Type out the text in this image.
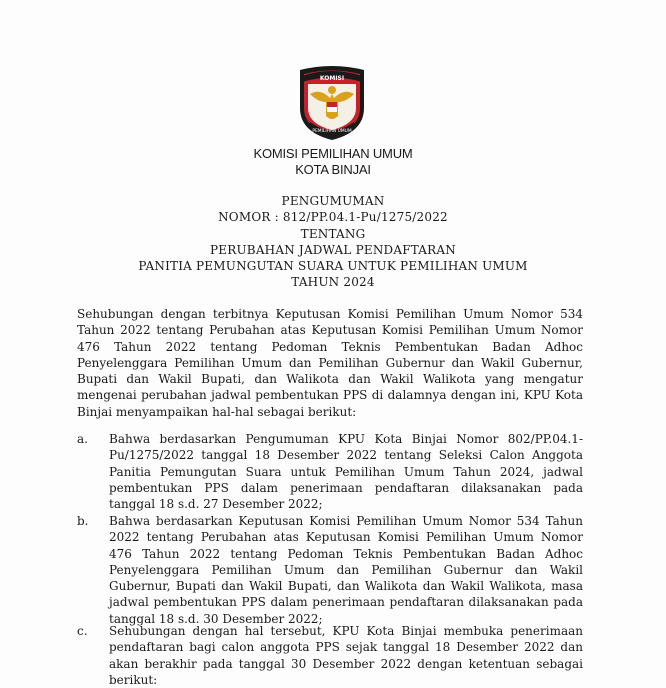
KOMISI
PEMILIHAN UMUM
KOMISI PEMILIHAN UMUM
KOTA BINJAI
PENGUMUMAN
NOMOR : 812/PP.04.1-Pu/1275/2022
TENTANG
PERUBAHAN JADWAL PENDAFTARAN
PANITIA PEMUNGUTAN SUARA UNTUK PEMILIHAN UMUM
TAHUN 2024
Sehubungan dengan terbitnya Keputusan Komisi Pemilihan Umum Nomor 534 Tahun 2022 tentang Perubahan atas Keputusan Komisi Pemilihan Umum Nomor 476 Tahun 2022 tentang Pedoman Teknis Pembentukan Badan Adhoc Penyelenggara Pemilihan Umum dan Pemilihan Gubernur dan Wakil Gubernur, Bupati dan Wakil Bupati, dan Walikota dan Wakil Walikota yang mengatur mengenai perubahan jadwal pembentukan PPS di dalamnya dengan ini, KPU Kota Binjai menyampaikan hal-hal sebagai berikut:
a.	Bahwa berdasarkan Pengumuman KPU Kota Binjai Nomor 802/PP.04.1-Pu/1275/2022 tanggal 18 Desember 2022 tentang Seleksi Calon Anggota Panitia Pemungutan Suara untuk Pemilihan Umum Tahun 2024, jadwal pembentukan PPS dalam penerimaan pendaftaran dilaksanakan pada tanggal 18 s.d. 27 Desember 2022;
b.	Bahwa berdasarkan Keputusan Komisi Pemilihan Umum Nomor 534 Tahun 2022 tentang Perubahan atas Keputusan Komisi Pemilihan Umum Nomor 476 Tahun 2022 tentang Pedoman Teknis Pembentukan Badan Adhoc Penyelenggara Pemilihan Umum dan Pemilihan Gubernur dan Wakil Gubernur, Bupati dan Wakil Bupati, dan Walikota dan Wakil Walikota, masa jadwal pembentukan PPS dalam penerimaan pendaftaran dilaksanakan pada tanggal 18 s.d. 30 Desember 2022;
c.	Sehubungan dengan hal tersebut, KPU Kota Binjai membuka penerimaan pendaftaran bagi calon anggota PPS sejak tanggal 18 Desember 2022 dan akan berakhir pada tanggal 30 Desember 2022 dengan ketentuan sebagai berikut:
